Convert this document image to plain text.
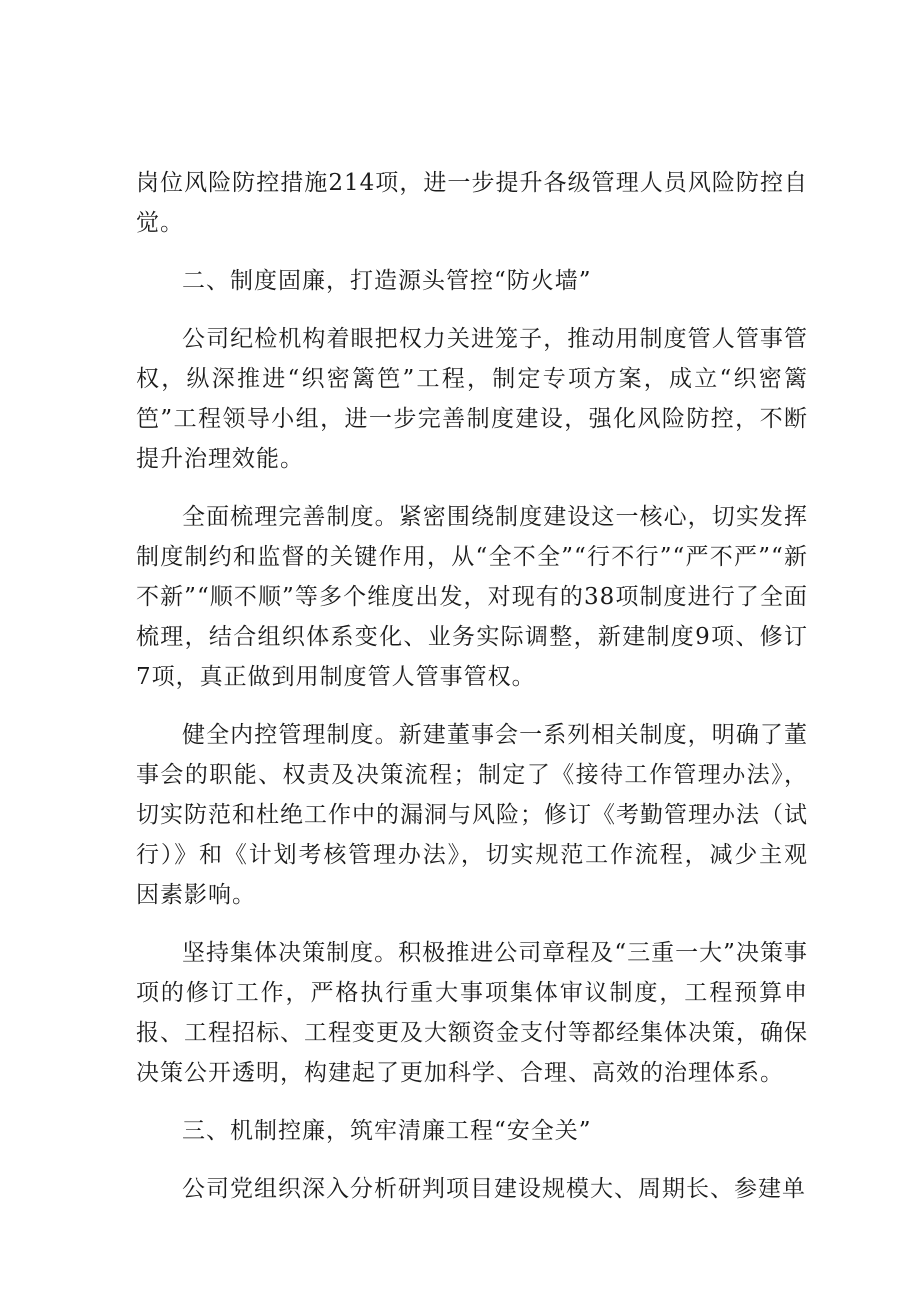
岗位风险防控措施214项，进一步提升各级管理人员风险防控自觉。

二、制度固廉，打造源头管控“防火墙”

公司纪检机构着眼把权力关进笼子，推动用制度管人管事管权，纵深推进“织密篱笆”工程，制定专项方案，成立“织密篱笆”工程领导小组，进一步完善制度建设，强化风险防控，不断提升治理效能。

全面梳理完善制度。紧密围绕制度建设这一核心，切实发挥制度制约和监督的关键作用，从“全不全”“行不行”“严不严”“新不新”“顺不顺”等多个维度出发，对现有的38项制度进行了全面梳理，结合组织体系变化、业务实际调整，新建制度9项、修订7项，真正做到用制度管人管事管权。

健全内控管理制度。新建董事会一系列相关制度，明确了董事会的职能、权责及决策流程；制定了《接待工作管理办法》，切实防范和杜绝工作中的漏洞与风险；修订《考勤管理办法（试行）》和《计划考核管理办法》，切实规范工作流程，减少主观因素影响。

坚持集体决策制度。积极推进公司章程及“三重一大”决策事项的修订工作，严格执行重大事项集体审议制度，工程预算申报、工程招标、工程变更及大额资金支付等都经集体决策，确保决策公开透明，构建起了更加科学、合理、高效的治理体系。

三、机制控廉，筑牢清廉工程“安全关”

公司党组织深入分析研判项目建设规模大、周期长、参建单
